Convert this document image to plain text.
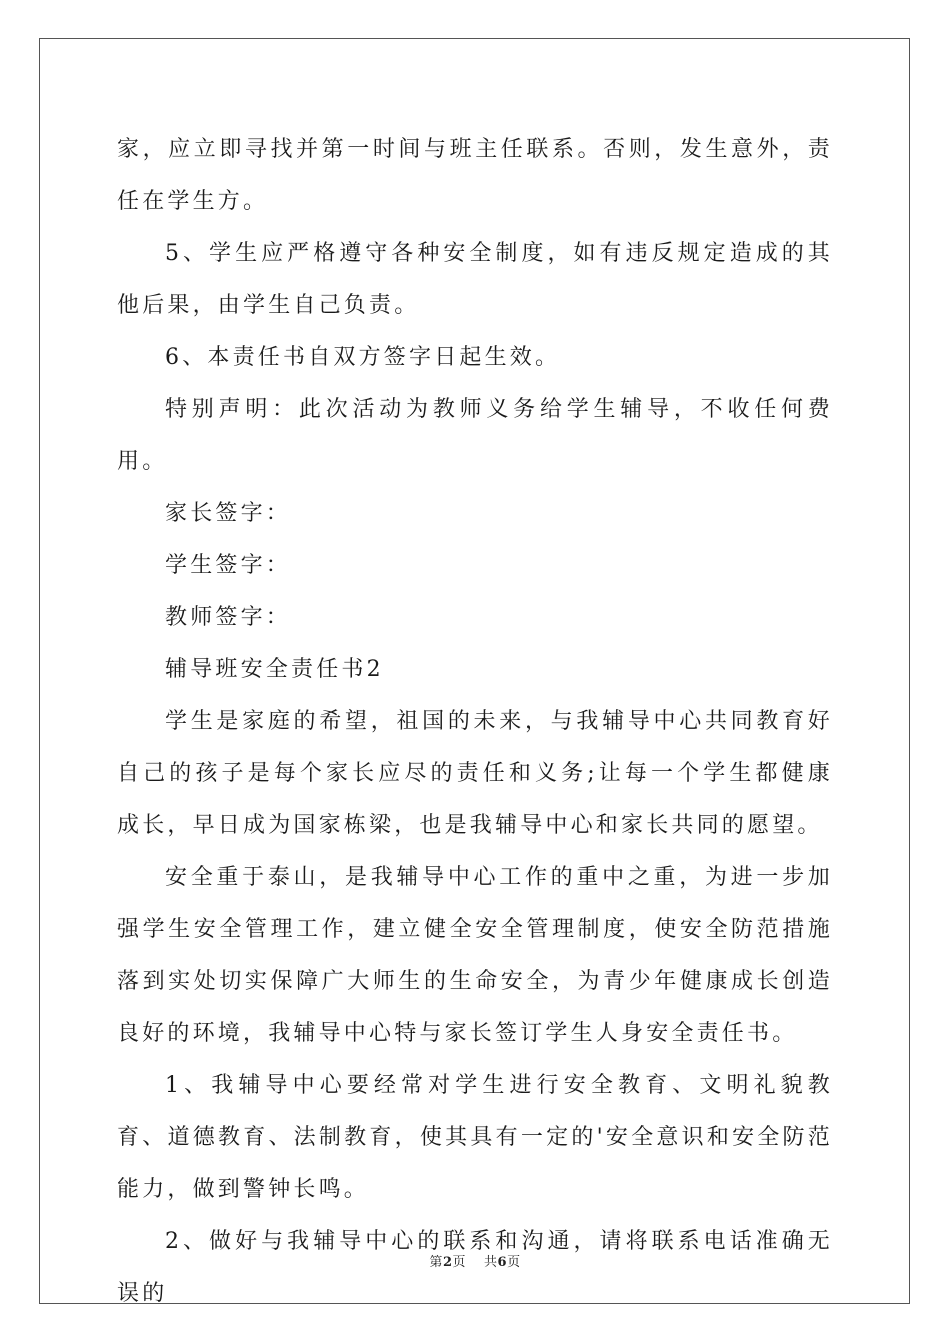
家，应立即寻找并第一时间与班主任联系。否则，发生意外，责任在学生方。

5、学生应严格遵守各种安全制度，如有违反规定造成的其他后果，由学生自己负责。

6、本责任书自双方签字日起生效。

特别声明：此次活动为教师义务给学生辅导，不收任何费用。

家长签字：

学生签字：

教师签字：

辅导班安全责任书2

学生是家庭的希望，祖国的未来，与我辅导中心共同教育好自己的孩子是每个家长应尽的责任和义务;让每一个学生都健康成长，早日成为国家栋梁，也是我辅导中心和家长共同的愿望。

安全重于泰山，是我辅导中心工作的重中之重，为进一步加强学生安全管理工作，建立健全安全管理制度，使安全防范措施落到实处切实保障广大师生的生命安全，为青少年健康成长创造良好的环境，我辅导中心特与家长签订学生人身安全责任书。

1、我辅导中心要经常对学生进行安全教育、文明礼貌教育、道德教育、法制教育，使其具有一定的'安全意识和安全防范能力，做到警钟长鸣。

2、做好与我辅导中心的联系和沟通，请将联系电话准确无误的

第2页 共6页
